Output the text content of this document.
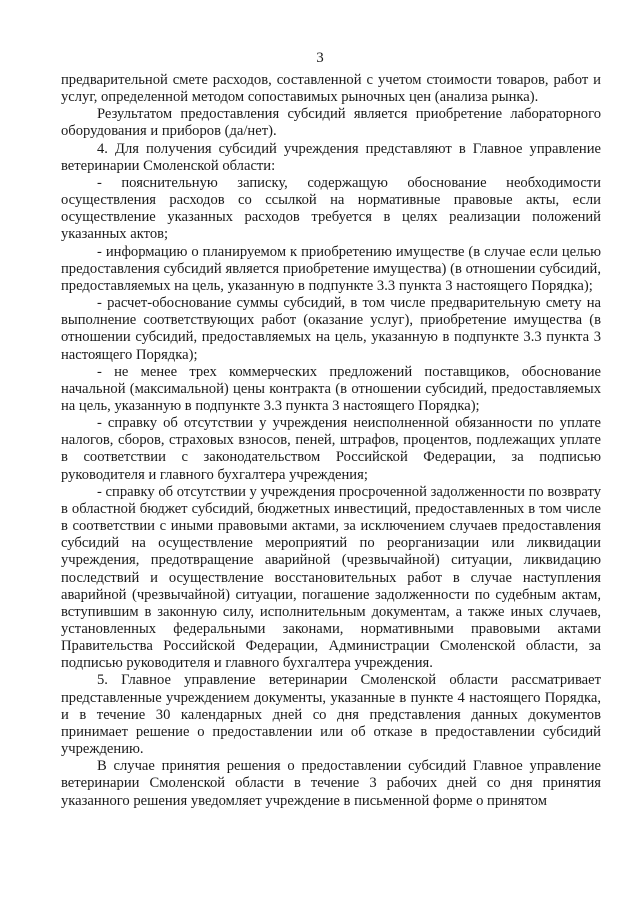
3

предварительной смете расходов, составленной с учетом стоимости товаров, работ и услуг, определенной методом сопоставимых рыночных цен (анализа рынка).

Результатом предоставления субсидий является приобретение лабораторного оборудования и приборов (да/нет).

4. Для получения субсидий учреждения представляют в Главное управление ветеринарии Смоленской области:

- пояснительную записку, содержащую обоснование необходимости осуществления расходов со ссылкой на нормативные правовые акты, если осуществление указанных расходов требуется в целях реализации положений указанных актов;

- информацию о планируемом к приобретению имуществе (в случае если целью предоставления субсидий является приобретение имущества) (в отношении субсидий, предоставляемых на цель, указанную в подпункте 3.3 пункта 3 настоящего Порядка);

- расчет-обоснование суммы субсидий, в том числе предварительную смету на выполнение соответствующих работ (оказание услуг), приобретение имущества (в отношении субсидий, предоставляемых на цель, указанную в подпункте 3.3 пункта 3 настоящего Порядка);

- не менее трех коммерческих предложений поставщиков, обоснование начальной (максимальной) цены контракта (в отношении субсидий, предоставляемых на цель, указанную в подпункте 3.3 пункта 3 настоящего Порядка);

- справку об отсутствии у учреждения неисполненной обязанности по уплате налогов, сборов, страховых взносов, пеней, штрафов, процентов, подлежащих уплате в соответствии с законодательством Российской Федерации, за подписью руководителя и главного бухгалтера учреждения;

- справку об отсутствии у учреждения просроченной задолженности по возврату в областной бюджет субсидий, бюджетных инвестиций, предоставленных в том числе в соответствии с иными правовыми актами, за исключением случаев предоставления субсидий на осуществление мероприятий по реорганизации или ликвидации учреждения, предотвращение аварийной (чрезвычайной) ситуации, ликвидацию последствий и осуществление восстановительных работ в случае наступления аварийной (чрезвычайной) ситуации, погашение задолженности по судебным актам, вступившим в законную силу, исполнительным документам, а также иных случаев, установленных федеральными законами, нормативными правовыми актами Правительства Российской Федерации, Администрации Смоленской области, за подписью руководителя и главного бухгалтера учреждения.

5. Главное управление ветеринарии Смоленской области рассматривает представленные учреждением документы, указанные в пункте 4 настоящего Порядка, и в течение 30 календарных дней со дня представления данных документов принимает решение о предоставлении или об отказе в предоставлении субсидий учреждению.

В случае принятия решения о предоставлении субсидий Главное управление ветеринарии Смоленской области в течение 3 рабочих дней со дня принятия указанного решения уведомляет учреждение в письменной форме о принятом
